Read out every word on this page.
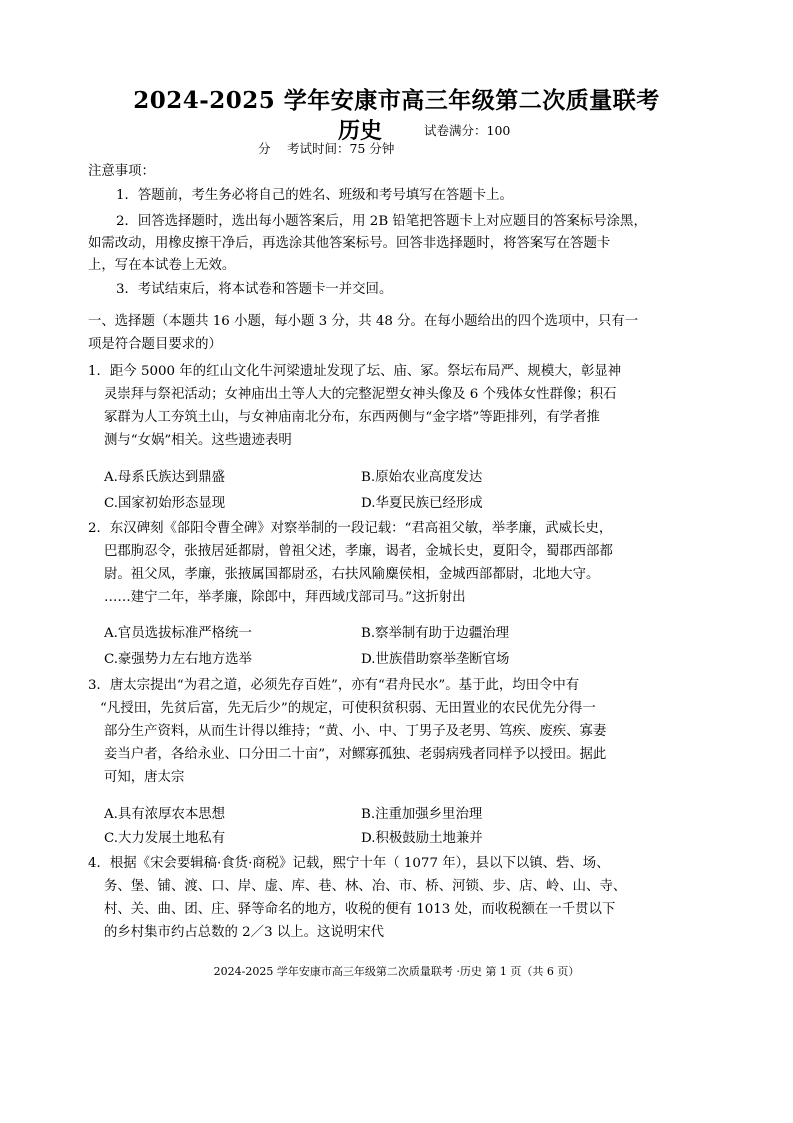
2024-2025 学年安康市高三年级第二次质量联考
历史	试卷满分：100
分　 考试时间：75 分钟
注意事项：
1．答题前，考生务必将自己的姓名、班级和考号填写在答题卡上。
2．回答选择题时，选出每小题答案后，用 2B 铅笔把答题卡上对应题目的答案标号涂黑，
如需改动，用橡皮擦干净后，再选涂其他答案标号。回答非选择题时，将答案写在答题卡
上，写在本试卷上无效。
3．考试结束后，将本试卷和答题卡一并交回。
一、选择题（本题共 16 小题，每小题 3 分，共 48 分。在每小题给出的四个选项中，只有一
项是符合题目要求的）
1．距今 5000 年的红山文化牛河梁遗址发现了坛、庙、冢。祭坛布局严、规模大，彰显神
灵崇拜与祭祀活动；女神庙出土等人大的完整泥塑女神头像及 6 个残体女性群像；积石
冢群为人工夯筑土山，与女神庙南北分布，东西两侧与“金字塔”等距排列，有学者推
测与“女娲”相关。这些遗迹表明
A.母系氏族达到鼎盛	B.原始农业高度发达
C.国家初始形态显现	D.华夏民族已经形成
2．东汉碑刻《郃阳令曹全碑》对察举制的一段记载：“君高祖父敏，举孝廉，武威长史，
巴郡朐忍令，张掖居延都尉，曾祖父述，孝廉，谒者，金城长史，夏阳令，蜀郡西部都
尉。祖父凤，孝廉，张掖属国都尉丞，右扶风隃麋侯相，金城西部都尉，北地大守。
……建宁二年，举孝廉，除郎中，拜西域戊部司马。”这折射出
A.官员选拔标准严格统一	B.察举制有助于边疆治理
C.豪强势力左右地方选举	D.世族借助察举垄断官场
3．唐太宗提出“为君之道，必须先存百姓”，亦有“君舟民水”。基于此，均田令中有
“凡授田，先贫后富，先无后少”的规定，可使积贫积弱、无田置业的农民优先分得一
部分生产资料，从而生计得以维持；“黄、小、中、丁男子及老男、笃疾、废疾、寡妻
妾当户者，各给永业、口分田二十亩”，对鳏寡孤独、老弱病残者同样予以授田。据此
可知，唐太宗
A.具有浓厚农本思想	B.注重加强乡里治理
C.大力发展土地私有	D.积极鼓励土地兼并
4．根据《宋会要辑稿·食货·商税》记载，熙宁十年（ 1077 年），县以下以镇、砦、场、
务、堡、铺、渡、口、岸、虚、库、巷、林、冶、市、桥、河锁、步、店、岭、山、寺、
村、关、曲、团、庄、驿等命名的地方，收税的便有 1013 处，而收税额在一千贯以下
的乡村集市约占总数的 2／3 以上。这说明宋代
2024-2025 学年安康市高三年级第二次质量联考 ·历史 第 1 页（共 6 页）
